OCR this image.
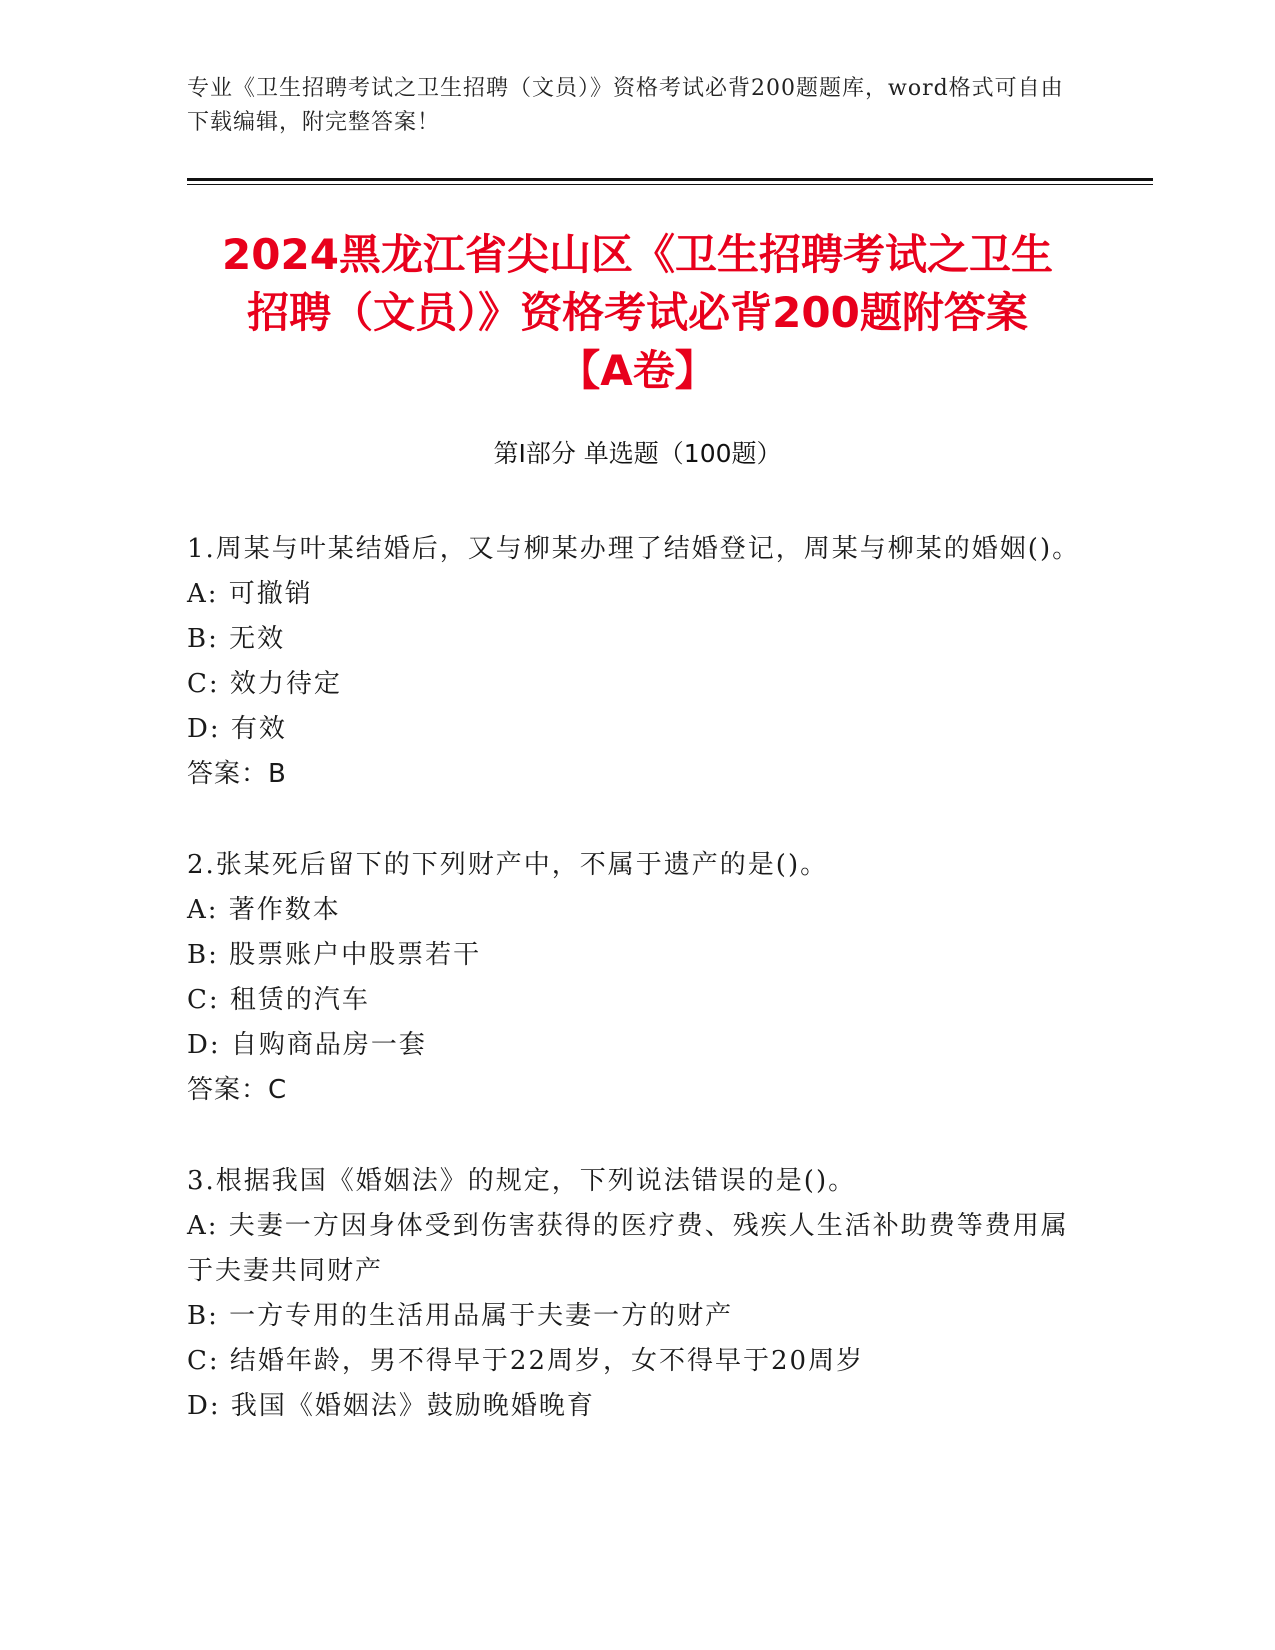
专业《卫生招聘考试之卫生招聘（文员）》资格考试必背200题题库，word格式可自由下载编辑，附完整答案！
2024黑龙江省尖山区《卫生招聘考试之卫生
招聘（文员）》资格考试必背200题附答案
【A卷】
第Ⅰ部分 单选题（100题）

1.周某与叶某结婚后，又与柳某办理了结婚登记，周某与柳某的婚姻()。

A: 可撤销

B: 无效

C: 效力待定

D: 有效

答案：B

2.张某死后留下的下列财产中，不属于遗产的是()。

A: 著作数本

B: 股票账户中股票若干

C: 租赁的汽车

D: 自购商品房一套

答案：C

3.根据我国《婚姻法》的规定，下列说法错误的是()。

A: 夫妻一方因身体受到伤害获得的医疗费、残疾人生活补助费等费用属于夫妻共同财产

B: 一方专用的生活用品属于夫妻一方的财产

C: 结婚年龄，男不得早于22周岁，女不得早于20周岁

D: 我国《婚姻法》鼓励晚婚晚育
